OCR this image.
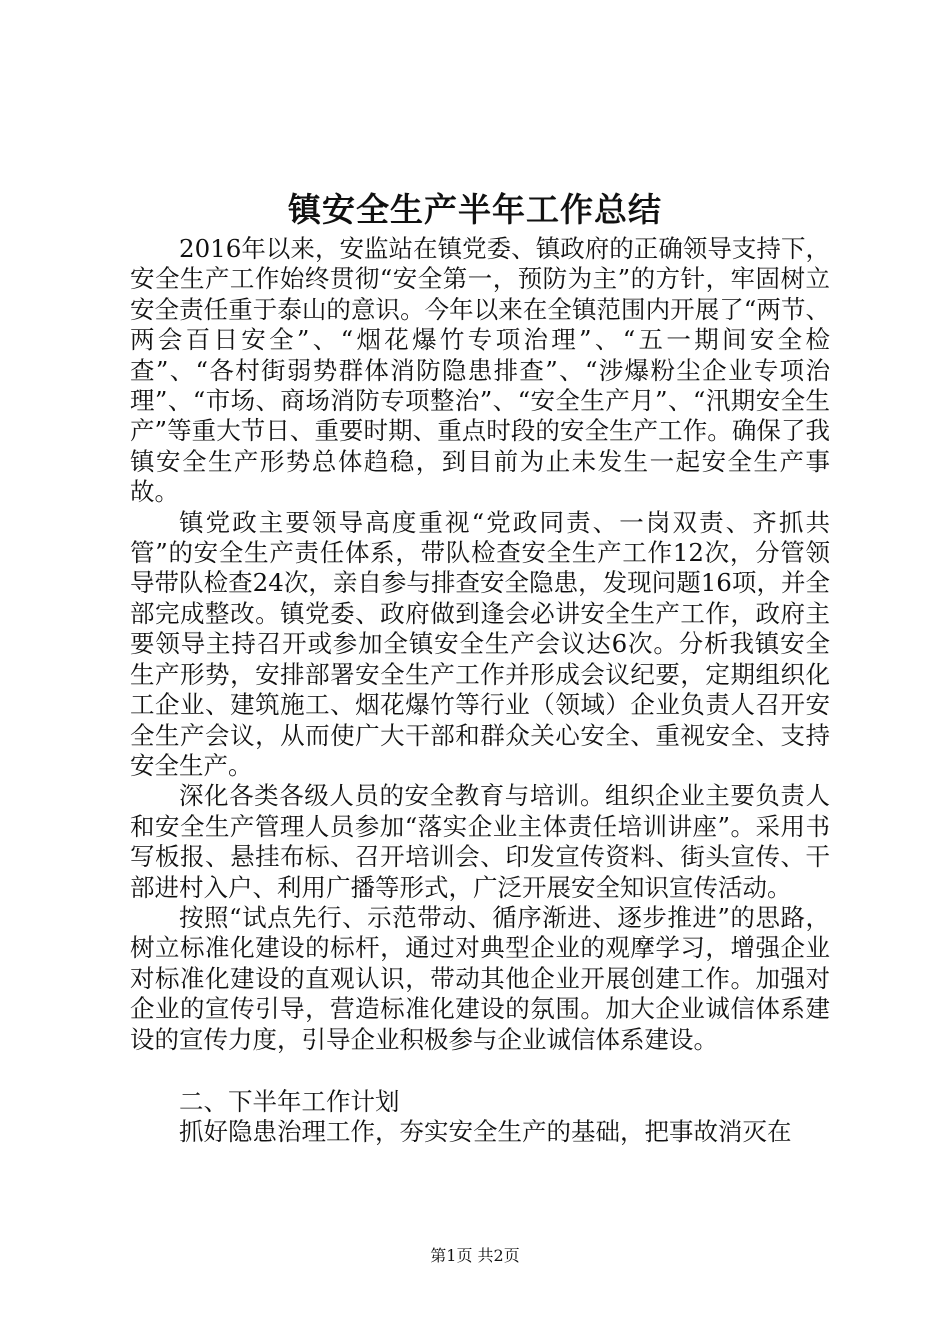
镇安全生产半年工作总结

2016年以来，安监站在镇党委、镇政府的正确领导支持下，安全生产工作始终贯彻“安全第一，预防为主”的方针，牢固树立安全责任重于泰山的意识。今年以来在全镇范围内开展了“两节、两会百日安全”、“烟花爆竹专项治理”、“五一期间安全检查”、“各村街弱势群体消防隐患排查”、“涉爆粉尘企业专项治理”、“市场、商场消防专项整治”、“安全生产月”、“汛期安全生产”等重大节日、重要时期、重点时段的安全生产工作。确保了我镇安全生产形势总体趋稳，到目前为止未发生一起安全生产事故。

镇党政主要领导高度重视“党政同责、一岗双责、齐抓共管”的安全生产责任体系，带队检查安全生产工作12次，分管领导带队检查24次，亲自参与排查安全隐患，发现问题16项，并全部完成整改。镇党委、政府做到逢会必讲安全生产工作，政府主要领导主持召开或参加全镇安全生产会议达6次。分析我镇安全生产形势，安排部署安全生产工作并形成会议纪要，定期组织化工企业、建筑施工、烟花爆竹等行业（领域）企业负责人召开安全生产会议，从而使广大干部和群众关心安全、重视安全、支持安全生产。

深化各类各级人员的安全教育与培训。组织企业主要负责人和安全生产管理人员参加“落实企业主体责任培训讲座”。采用书写板报、悬挂布标、召开培训会、印发宣传资料、街头宣传、干部进村入户、利用广播等形式，广泛开展安全知识宣传活动。

按照“试点先行、示范带动、循序渐进、逐步推进”的思路，树立标准化建设的标杆，通过对典型企业的观摩学习，增强企业对标准化建设的直观认识，带动其他企业开展创建工作。加强对企业的宣传引导，营造标准化建设的氛围。加大企业诚信体系建设的宣传力度，引导企业积极参与企业诚信体系建设。

二、下半年工作计划

抓好隐患治理工作，夯实安全生产的基础，把事故消灭在

第1页 共2页
